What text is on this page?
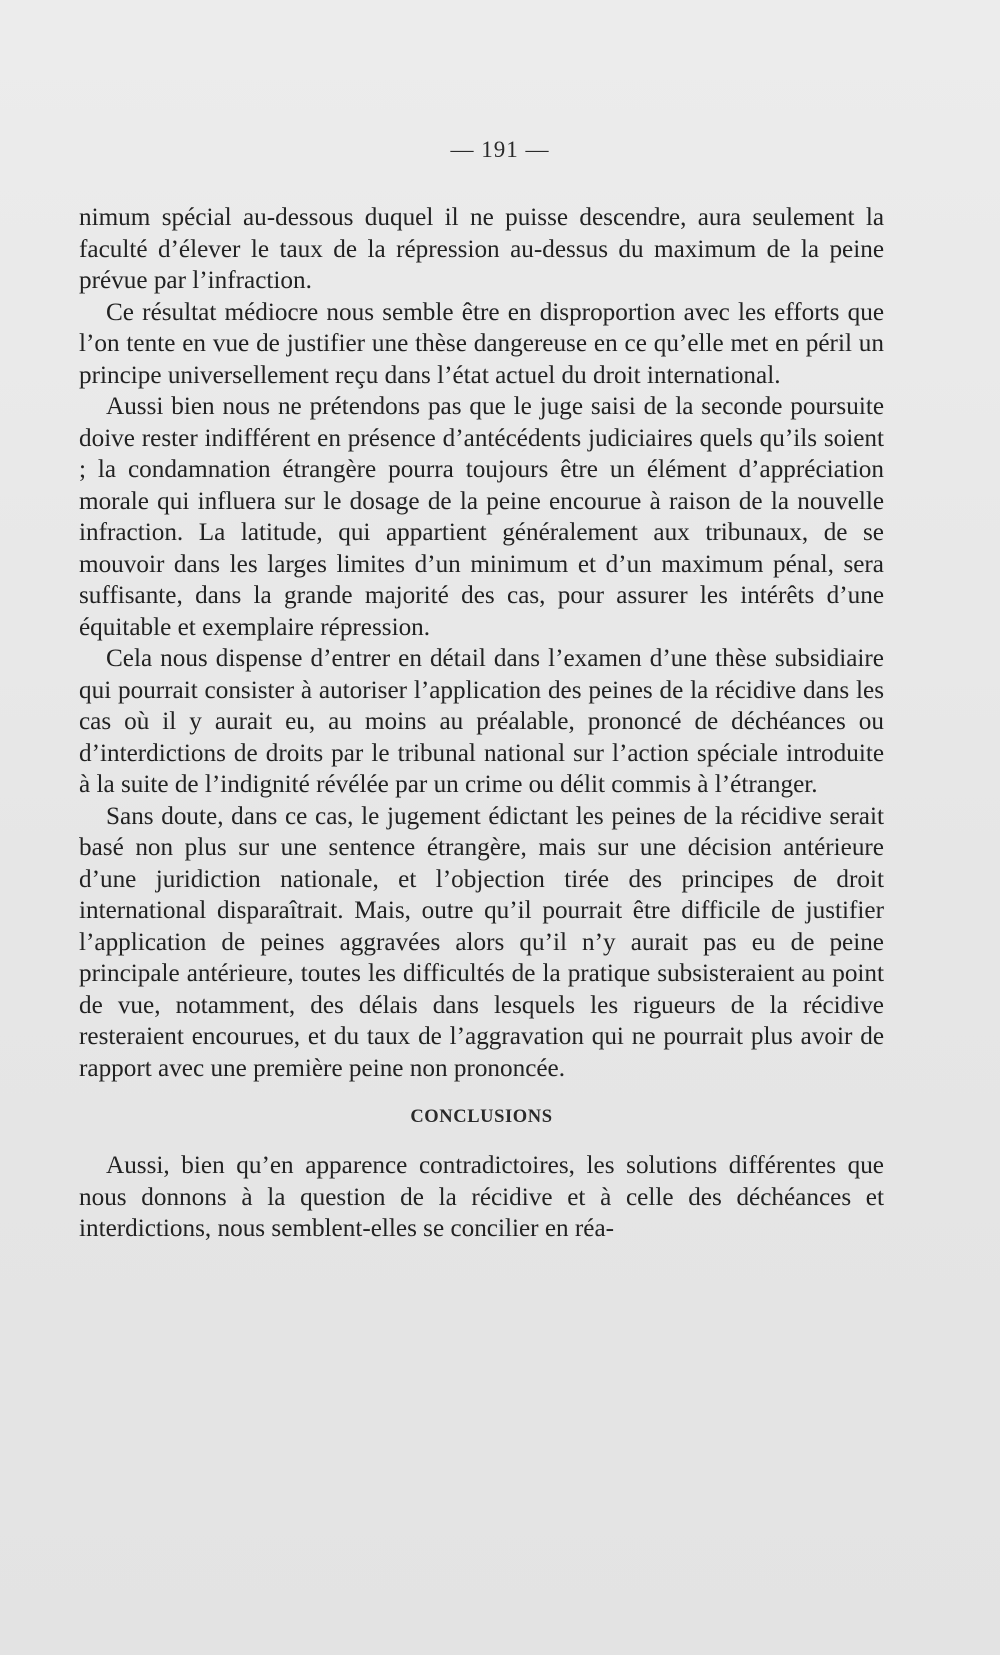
— 191 —

nimum spécial au-dessous duquel il ne puisse descendre, aura seulement la faculté d’élever le taux de la répression au-dessus du maximum de la peine prévue par l’infraction.

Ce résultat médiocre nous semble être en disproportion avec les efforts que l’on tente en vue de justifier une thèse dangereuse en ce qu’elle met en péril un principe universellement reçu dans l’état actuel du droit international.

Aussi bien nous ne prétendons pas que le juge saisi de la seconde poursuite doive rester indifférent en présence d’antécédents judiciaires quels qu’ils soient ; la condamnation étrangère pourra toujours être un élément d’appréciation morale qui influera sur le dosage de la peine encourue à raison de la nouvelle infraction. La latitude, qui appartient généralement aux tribunaux, de se mouvoir dans les larges limites d’un minimum et d’un maximum pénal, sera suffisante, dans la grande majorité des cas, pour assurer les intérêts d’une équitable et exemplaire répression.

Cela nous dispense d’entrer en détail dans l’examen d’une thèse subsidiaire qui pourrait consister à autoriser l’application des peines de la récidive dans les cas où il y aurait eu, au moins au préalable, prononcé de déchéances ou d’interdictions de droits par le tribunal national sur l’action spéciale introduite à la suite de l’indignité révélée par un crime ou délit commis à l’étranger.

Sans doute, dans ce cas, le jugement édictant les peines de la récidive serait basé non plus sur une sentence étrangère, mais sur une décision antérieure d’une juridiction nationale, et l’objection tirée des principes de droit international disparaîtrait. Mais, outre qu’il pourrait être difficile de justifier l’application de peines aggravées alors qu’il n’y aurait pas eu de peine principale antérieure, toutes les difficultés de la pratique subsisteraient au point de vue, notamment, des délais dans lesquels les rigueurs de la récidive resteraient encourues, et du taux de l’aggravation qui ne pourrait plus avoir de rapport avec une première peine non prononcée.

CONCLUSIONS

Aussi, bien qu’en apparence contradictoires, les solutions différentes que nous donnons à la question de la récidive et à celle des déchéances et interdictions, nous semblent-elles se concilier en réa-
